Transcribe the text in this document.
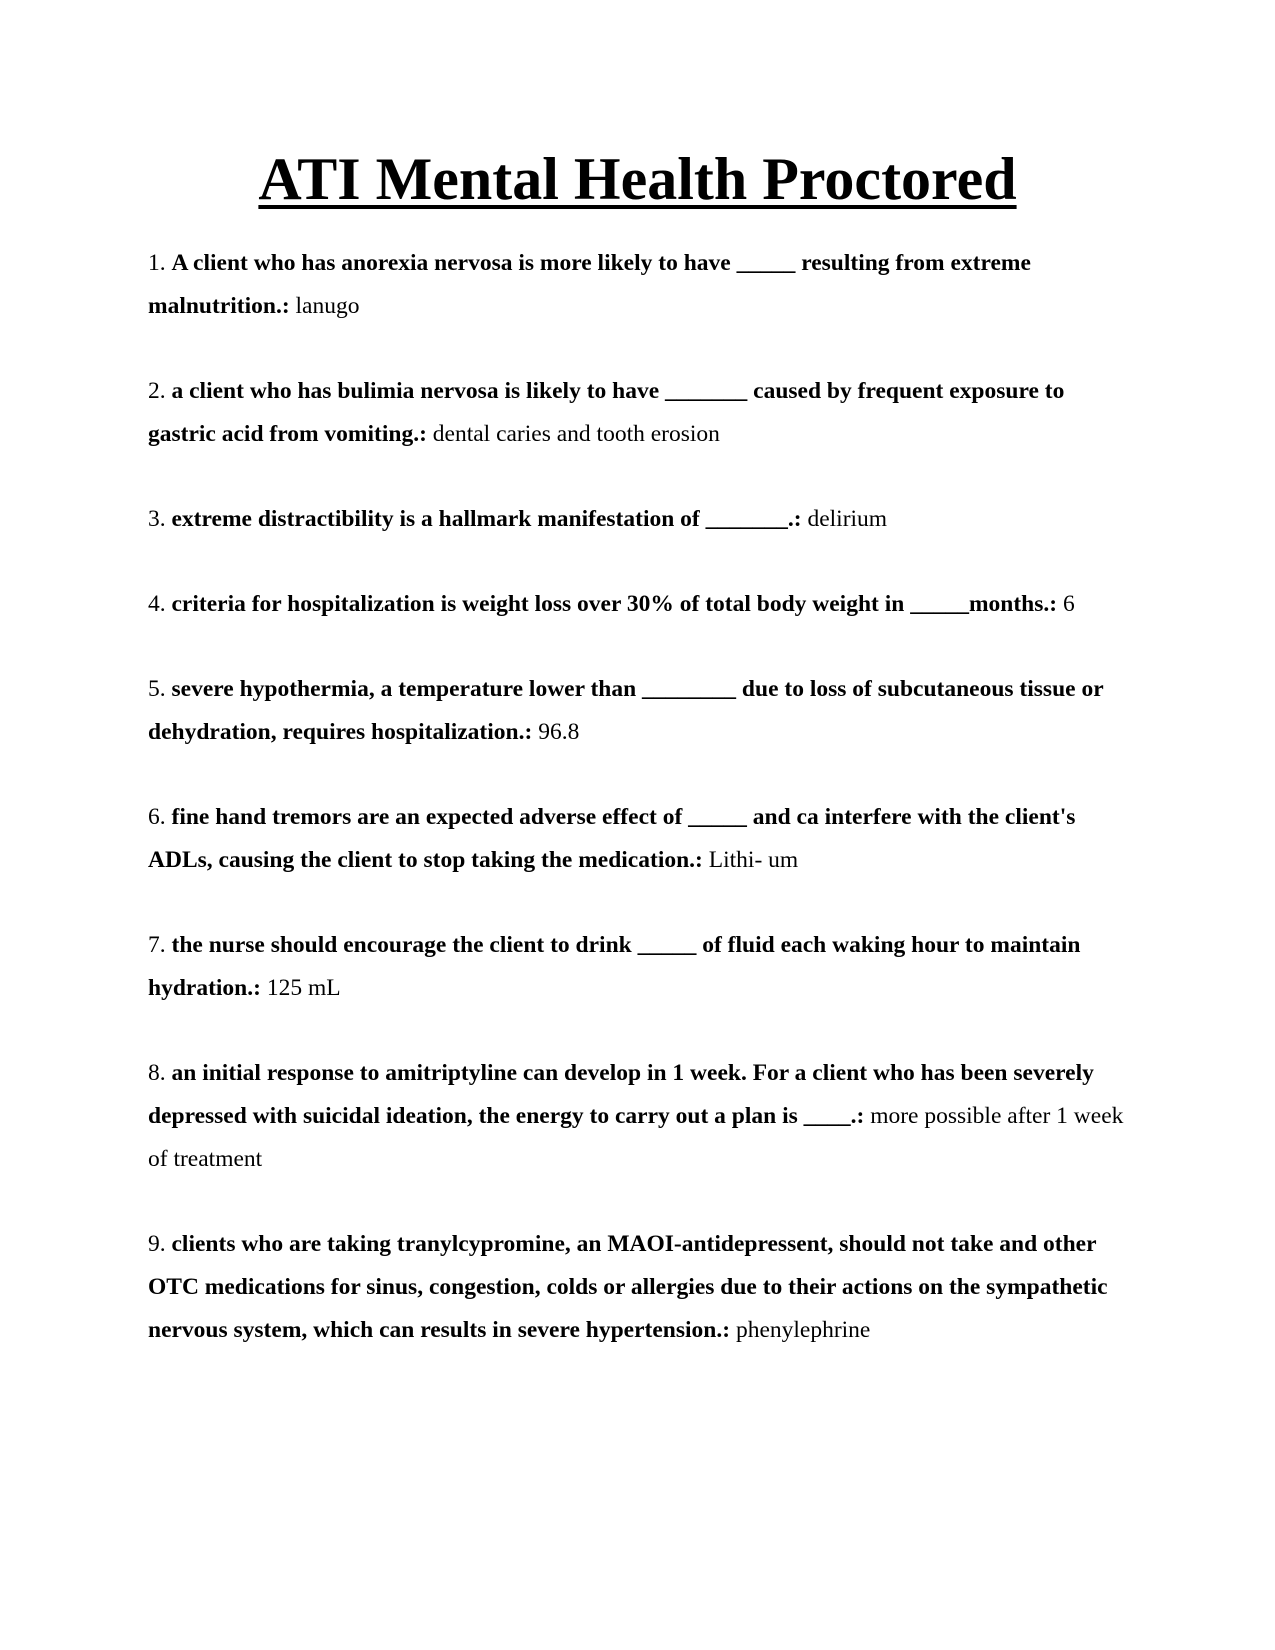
ATI Mental Health Proctored

1. A client who has anorexia nervosa is more likely to have _____ resulting from extreme malnutrition.: lanugo

2. a client who has bulimia nervosa is likely to have _______ caused by frequent exposure to gastric acid from vomiting.: dental caries and tooth erosion

3. extreme distractibility is a hallmark manifestation of _______.: delirium

4. criteria for hospitalization is weight loss over 30% of total body weight in _____months.: 6

5. severe hypothermia, a temperature lower than ________ due to loss of subcutaneous tissue or dehydration, requires hospitalization.: 96.8

6. fine hand tremors are an expected adverse effect of _____ and ca interfere with the client's ADLs, causing the client to stop taking the medication.: Lithi- um

7. the nurse should encourage the client to drink _____ of fluid each waking hour to maintain hydration.: 125 mL

8. an initial response to amitriptyline can develop in 1 week. For a client who has been severely depressed with suicidal ideation, the energy to carry out a plan is ____.: more possible after 1 week of treatment

9. clients who are taking tranylcypromine, an MAOI-antidepressent, should not take and other OTC medications for sinus, congestion, colds or allergies due to their actions on the sympathetic nervous system, which can results in severe hypertension.: phenylephrine
